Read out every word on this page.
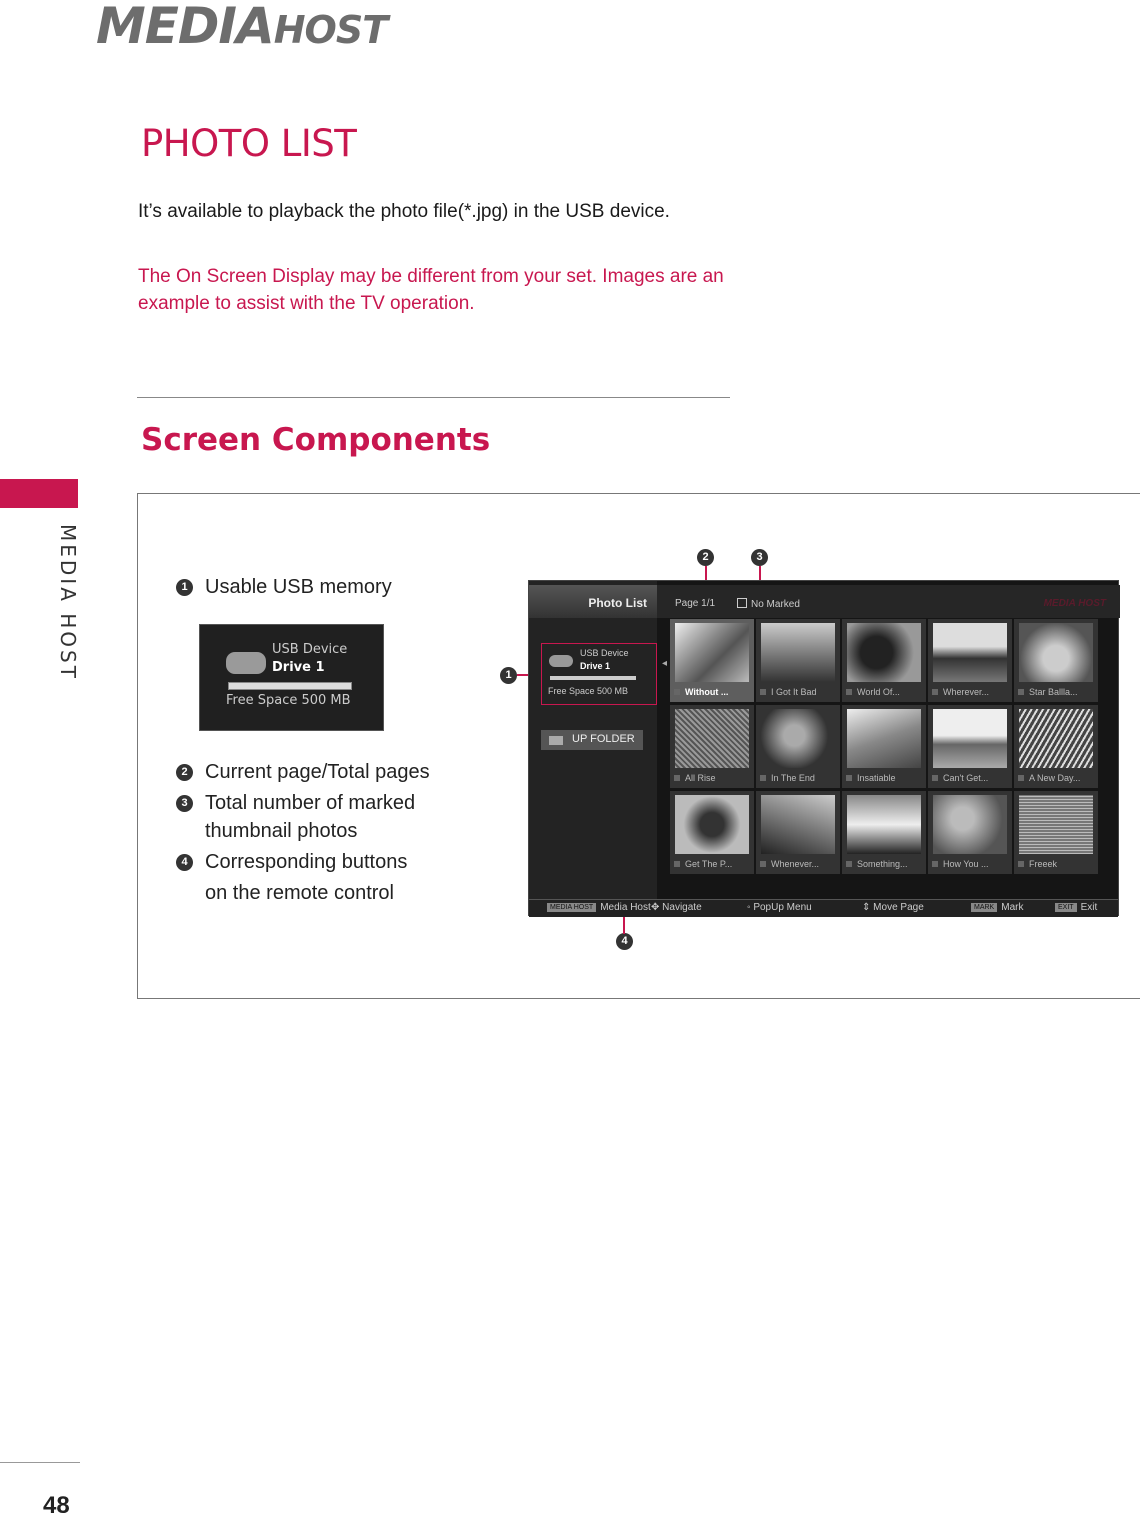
MEDIAHOST
MEDIA HOST
PHOTO LIST

It’s available to playback the photo file(*.jpg) in the USB device.

The On Screen Display may be different from your set. Images are an example to assist with the TV operation.

Screen Components
1 Usable USB memory
USB Device
Drive 1
Free Space 500 MB
2 Current page/Total pages
3 Total number of marked
thumbnail photos
4 Corresponding buttons
on the remote control
2	3
1
4
Photo List
USB Device
Drive 1
Free Space 500 MB
UP FOLDER
◂
Page 1/1	No Marked	MEDIA HOST
Without ...	I Got It Bad	World Of...	Wherever...	Star Ballla...
All Rise	In The End	Insatiable	Can't Get...	A New Day...
Get The P...	Whenever...	Something...	How You ...	Freeek
MEDIA HOST Media Host ✥ Navigate	◦ PopUp Menu	⇕ Move Page	MARK Mark	EXIT Exit

48
